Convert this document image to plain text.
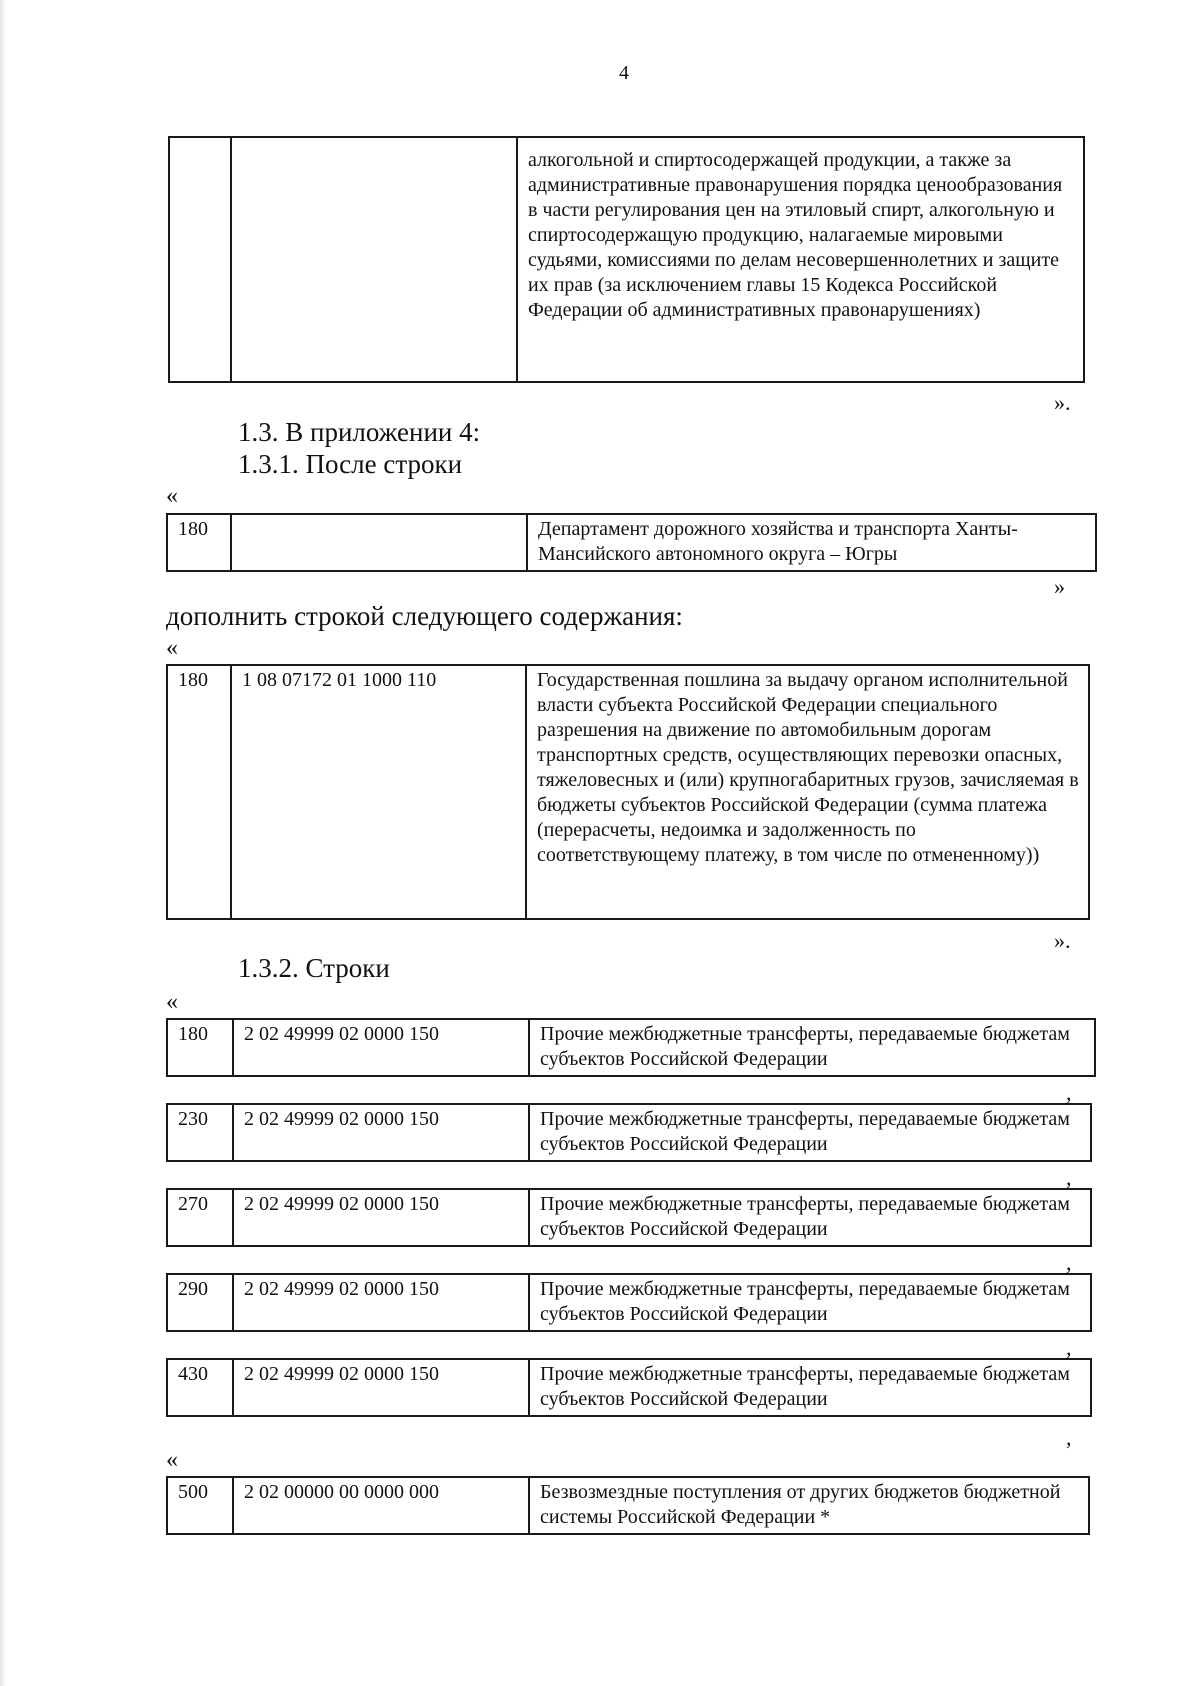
4
		алкогольной и спиртосодержащей продукции, а также за административные правонарушения порядка ценообразования в части регулирования цен на этиловый спирт, алкогольную и спиртосодержащую продукцию, налагаемые мировыми судьями, комиссиями по делам несовершеннолетних и защите их прав (за исключением главы 15 Кодекса Российской Федерации об административных правонарушениях)
».
1.3. В приложении 4:
1.3.1. После строки
«
180		Департамент дорожного хозяйства и транспорта Ханты-Мансийского автономного округа – Югры
»
дополнить строкой следующего содержания:
«
180	1 08 07172 01 1000 110	Государственная пошлина за выдачу органом исполнительной власти субъекта Российской Федерации специального разрешения на движение по автомобильным дорогам транспортных средств, осуществляющих перевозки опасных, тяжеловесных и (или) крупногабаритных грузов, зачисляемая в бюджеты субъектов Российской Федерации (сумма платежа (перерасчеты, недоимка и задолженность по соответствующему платежу, в том числе по отмененному))
».
1.3.2. Строки
«
180	2 02 49999 02 0000 150	Прочие межбюджетные трансферты, передаваемые бюджетам субъектов Российской Федерации
,
230	2 02 49999 02 0000 150	Прочие межбюджетные трансферты, передаваемые бюджетам субъектов Российской Федерации
,
270	2 02 49999 02 0000 150	Прочие межбюджетные трансферты, передаваемые бюджетам субъектов Российской Федерации
,
290	2 02 49999 02 0000 150	Прочие межбюджетные трансферты, передаваемые бюджетам субъектов Российской Федерации
,
430	2 02 49999 02 0000 150	Прочие межбюджетные трансферты, передаваемые бюджетам субъектов Российской Федерации
,
«
500	2 02 00000 00 0000 000	Безвозмездные поступления от других бюджетов бюджетной системы Российской Федерации *
